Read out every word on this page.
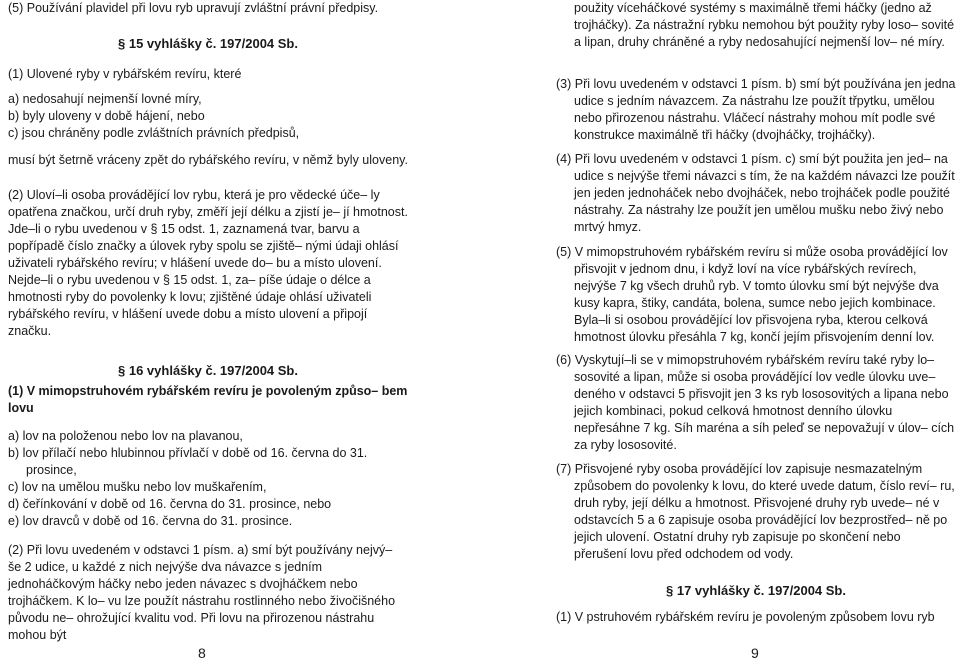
(5) Používání plavidel při lovu ryb upravují zvláštní právní předpisy.

§ 15 vyhlášky č. 197/2004 Sb.

(1) Ulovené ryby v rybářském revíru, které

a) nedosahují nejmenší lovné míry,

b) byly uloveny v době hájení, nebo

c) jsou chráněny podle zvláštních právních předpisů,

musí být šetrně vráceny zpět do rybářského revíru, v němž byly uloveny.

(2) Uloví–li osoba provádějící lov rybu, která je pro vědecké úče– ly opatřena značkou, určí druh ryby, změří její délku a zjistí je– jí hmotnost. Jde–li o rybu uvedenou v § 15 odst. 1, zaznamená tvar, barvu a popřípadě číslo značky a úlovek ryby spolu se zjiště– nými údaji ohlásí uživateli rybářského revíru; v hlášení uvede do– bu a místo ulovení. Nejde–li o rybu uvedenou v § 15 odst. 1, za– píše údaje o délce a hmotnosti ryby do povolenky k lovu; zjištěné údaje ohlásí uživateli rybářského revíru, v hlášení uvede dobu a místo ulovení a připojí značku.

§ 16 vyhlášky č. 197/2004 Sb.

(1) V mimopstruhovém rybářském revíru je povoleným způso– bem lovu

a) lov na položenou nebo lov na plavanou,

b) lov přílačí nebo hlubinnou přívlačí v době od 16. června do 31. prosince,

c) lov na umělou mušku nebo lov muškařením,

d) čeřínkování v době od 16. června do 31. prosince, nebo

e) lov dravců v době od 16. června do 31. prosince.

(2) Při lovu uvedeném v odstavci 1 písm. a) smí být používány nejvý– še 2 udice, u každé z nich nejvýše dva návazce s jedním jednoháčkovým háčky nebo jeden návazec s dvojháčkem nebo trojháčkem. K lo– vu lze použít nástrahu rostlinného nebo živočišného původu ne– ohrožující kvalitu vod. Při lovu na přirozenou nástrahu mohou být

8

použity víceháčkové systémy s maximálně třemi háčky (jedno až trojháčky). Za nástražní rybku nemohou být použity ryby loso– sovité a lipan, druhy chráněné a ryby nedosahující nejmenší lov– né míry.

(3) Při lovu uvedeném v odstavci 1 písm. b) smí být používána jen jedna udice s jedním návazcem. Za nástrahu lze použít třpytku, umělou nebo přirozenou nástrahu. Vláčecí nástrahy mohou mít podle své konstrukce maximálně tři háčky (dvojháčky, trojháčky).

(4) Při lovu uvedeném v odstavci 1 písm. c) smí být použita jen jed– na udice s nejvýše třemi návazci s tím, že na každém návazci lze použít jen jeden jednoháček nebo dvojháček, nebo trojháček podle použité nástrahy. Za nástrahy lze použít jen umělou mušku nebo živý nebo mrtvý hmyz.

(5) V mimopstruhovém rybářském revíru si může osoba provádějící lov přisvojit v jednom dnu, i když loví na více rybářských revírech, nejvýše 7 kg všech druhů ryb. V tomto úlovku smí být nejvýše dva kusy kapra, štiky, candáta, bolena, sumce nebo jejich kombinace. Byla–li si osobou provádějící lov přisvojena ryba, kterou celková hmotnost úlovku přesáhla 7 kg, končí jejím přisvojením denní lov.

(6) Vyskytují–li se v mimopstruhovém rybářském revíru také ryby lo– sosovité a lipan, může si osoba provádějící lov vedle úlovku uve– deného v odstavci 5 přisvojit jen 3 ks ryb lososovitých a lipana nebo jejich kombinaci, pokud celková hmotnost denního úlovku nepřesáhne 7 kg. Síh maréna a síh peleď se nepovažují v úlov– cích za ryby lososovité.

(7) Přisvojené ryby osoba provádějící lov zapisuje nesmazatelným způsobem do povolenky k lovu, do které uvede datum, číslo reví– ru, druh ryby, její délku a hmotnost. Přisvojené druhy ryb uvede– né v odstavcích 5 a 6 zapisuje osoba provádějící lov bezprostřed– ně po jejich ulovení. Ostatní druhy ryb zapisuje po skončení nebo přerušení lovu před odchodem od vody.

§ 17 vyhlášky č. 197/2004 Sb.

(1) V pstruhovém rybářském revíru je povoleným způsobem lovu ryb

9
